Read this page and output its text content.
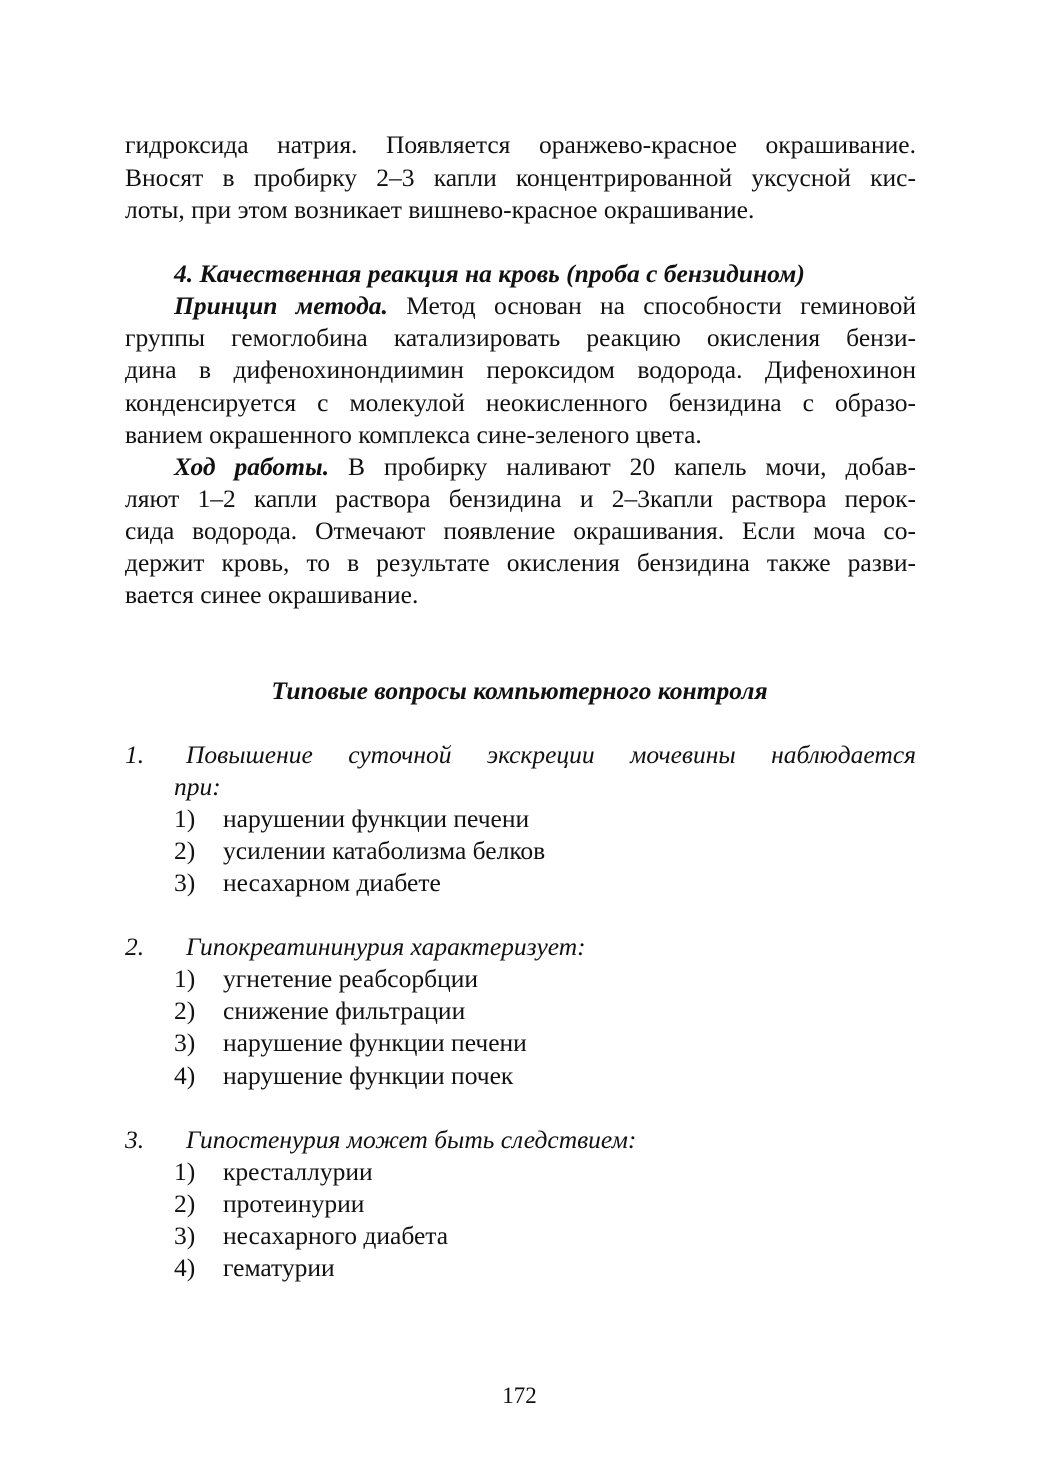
гидроксида натрия. Появляется оранжево-красное окрашивание.
Вносят в пробирку 2–3 капли концентрированной уксусной кис-
лоты, при этом возникает вишнево-красное окрашивание.
4. Качественная реакция на кровь (проба с бензидином)
Принцип метода. Метод основан на способности геминовой
группы гемоглобина катализировать реакцию окисления бензи-
дина в дифенохинондиимин пероксидом водорода. Дифенохинон
конденсируется с молекулой неокисленного бензидина с образо-
ванием окрашенного комплекса сине-зеленого цвета.
Ход работы. В пробирку наливают 20 капель мочи, добав-
ляют 1–2 капли раствора бензидина и 2–3капли раствора перок-
сида водорода. Отмечают появление окрашивания. Если моча со-
держит кровь, то в результате окисления бензидина также разви-
вается синее окрашивание.
Типовые вопросы компьютерного контроля
1. Повышение суточной экскреции мочевины наблюдается
при:
1) нарушении функции печени
2) усилении катаболизма белков
3) несахарном диабете
2. Гипокреатининурия характеризует:
1) угнетение реабсорбции
2) снижение фильтрации
3) нарушение функции печени
4) нарушение функции почек
3. Гипостенурия может быть следствием:
1) кресталлурии
2) протеинурии
3) несахарного диабета
4) гематурии
172
